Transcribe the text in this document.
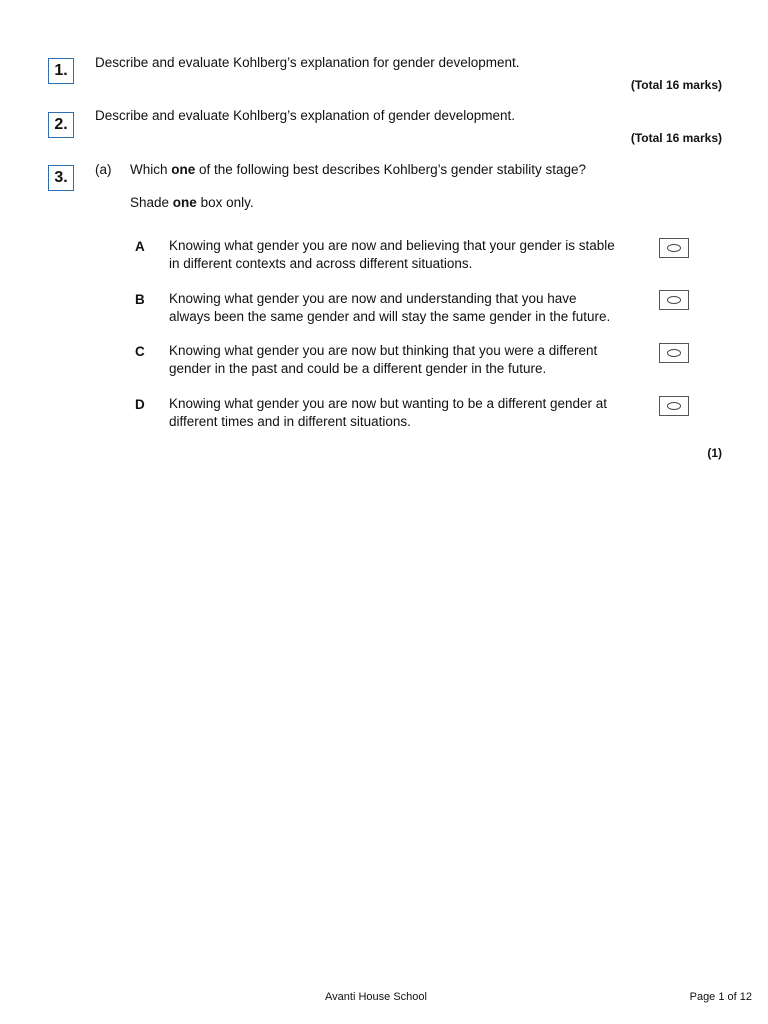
1. Describe and evaluate Kohlberg’s explanation for gender development.
(Total 16 marks)
2.
Describe and evaluate Kohlberg’s explanation of gender development.
(Total 16 marks)
3. (a) Which one of the following best describes Kohlberg’s gender stability stage?
Shade one box only.
A Knowing what gender you are now and believing that your gender is stable
in different contexts and across different situations.
B Knowing what gender you are now and understanding that you have
always been the same gender and will stay the same gender in the future.
C Knowing what gender you are now but thinking that you were a different
gender in the past and could be a different gender in the future.
D Knowing what gender you are now but wanting to be a different gender at
different times and in different situations.
(1)
Avanti House School	Page 1 of 12
